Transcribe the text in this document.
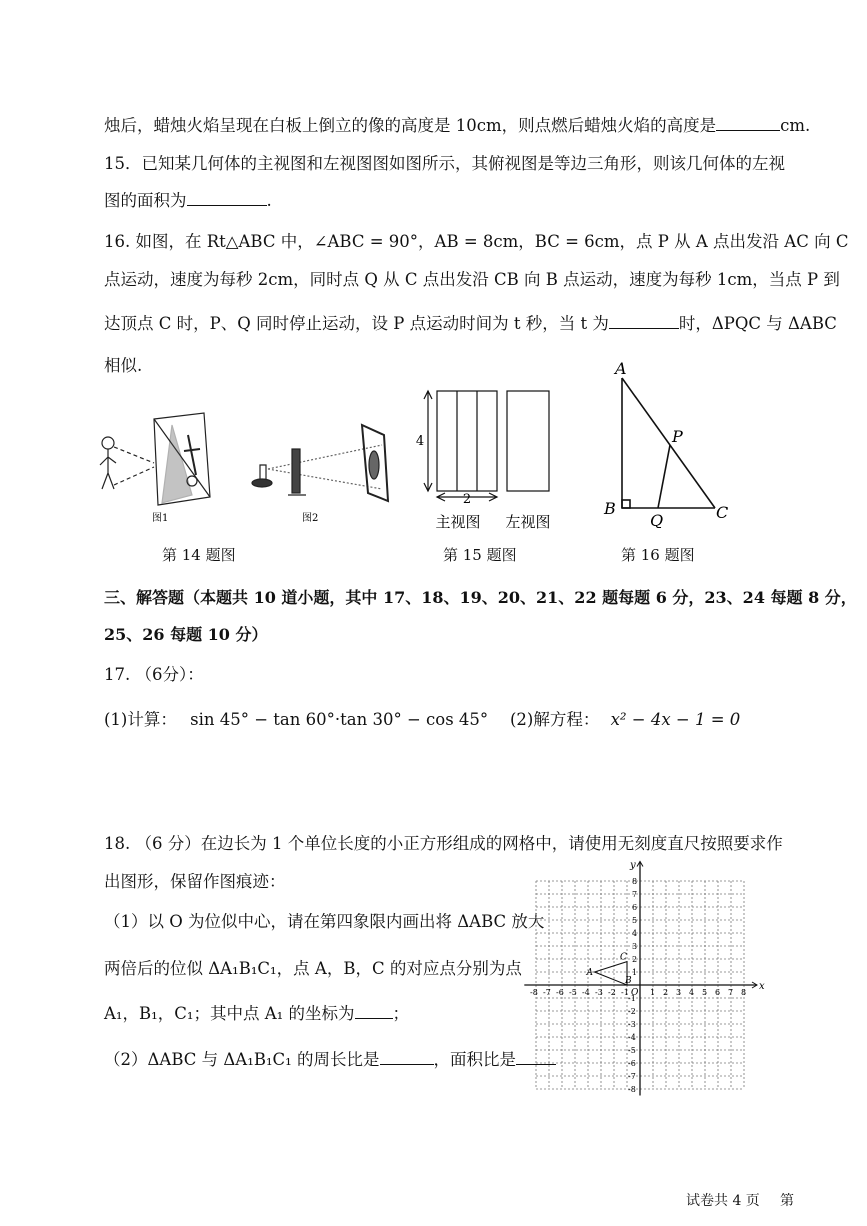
烛后，蜡烛火焰呈现在白板上倒立的像的高度是 10cm，则点燃后蜡烛火焰的高度是	cm.
15．已知某几何体的主视图和左视图图如图所示，其俯视图是等边三角形，则该几何体的左视
图的面积为	.
16. 如图，在 Rt△ABC 中，∠ABC = 90°，AB = 8cm，BC = 6cm，点 P 从 A 点出发沿 AC 向 C
点运动，速度为每秒 2cm，同时点 Q 从 C 点出发沿 CB 向 B 点运动，速度为每秒 1cm，当点 P 到
达顶点 C 时，P、Q 同时停止运动，设 P 点运动时间为 t 秒，当 t 为	时，ΔPQC 与 ΔABC
相似.
图1	图2
第 14 题图
4
2
主视图 左视图
第 15 题图
A
P
B
Q	C
第 16 题图
三、解答题（本题共 10 道小题，其中 17、18、19、20、21、22 题每题 6 分，23、24 每题 8 分，
25、26 每题 10 分）
17. （6分）：
(1)计算： sin 45° − tan 60°·tan 30° − cos 45° (2)解方程： x² − 4x − 1 = 0
18. （6 分）在边长为 1 个单位长度的小正方形组成的网格中，请使用无刻度直尺按照要求作
出图形，保留作图痕迹：
（1）以 O 为位似中心，请在第四象限内画出将 ΔABC 放大
两倍后的位似 ΔA₁B₁C₁，点 A，B，C 的对应点分别为点
A₁，B₁，C₁；其中点 A₁ 的坐标为 ；
（2）ΔABC 与 ΔA₁B₁C₁ 的周长比是	，面积比是
x
y
O
-8 -7 -6 -5 -4 -3 -2 -1	1 2 3 4 5 6 7 8
8
7
6
5
4
3
2
1
-1
-2
-3
-4
-5
-6
-7
-8
A
B
C
试卷共 4 页 第
